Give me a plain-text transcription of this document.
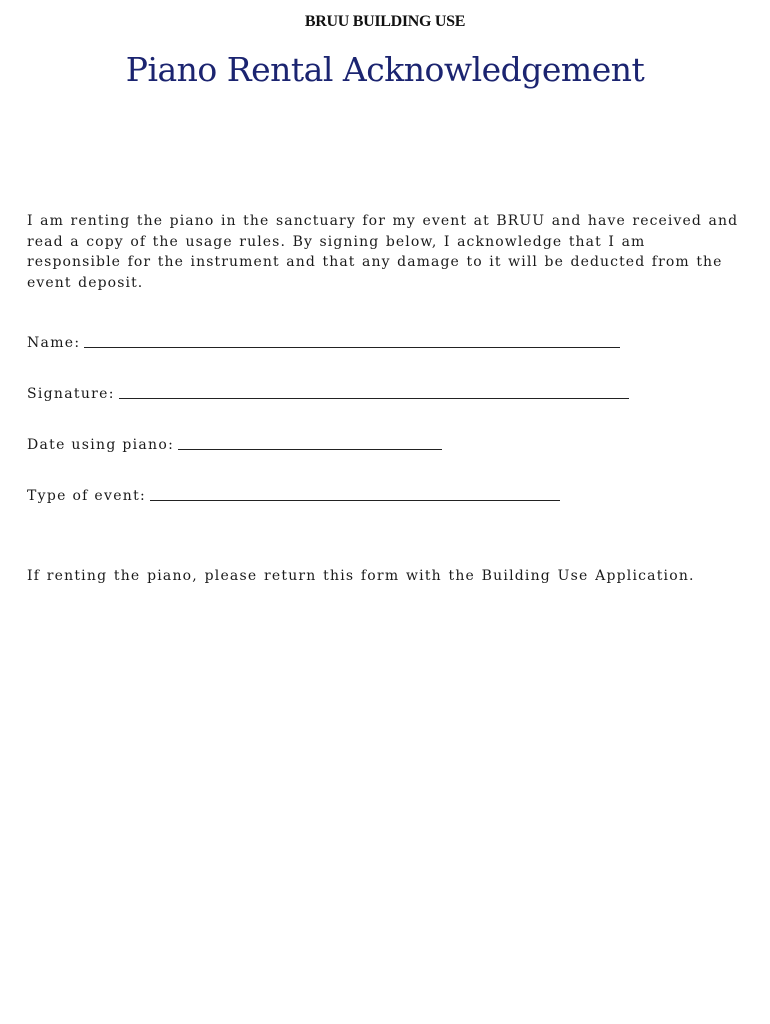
BRUU BUILDING USE
Piano Rental Acknowledgement
I am renting the piano in the sanctuary for my event at BRUU and have received and read a copy of the usage rules. By signing below, I acknowledge that I am responsible for the instrument and that any damage to it will be deducted from the event deposit.
Name:
Signature:
Date using piano:
Type of event:
If renting the piano, please return this form with the Building Use Application.
